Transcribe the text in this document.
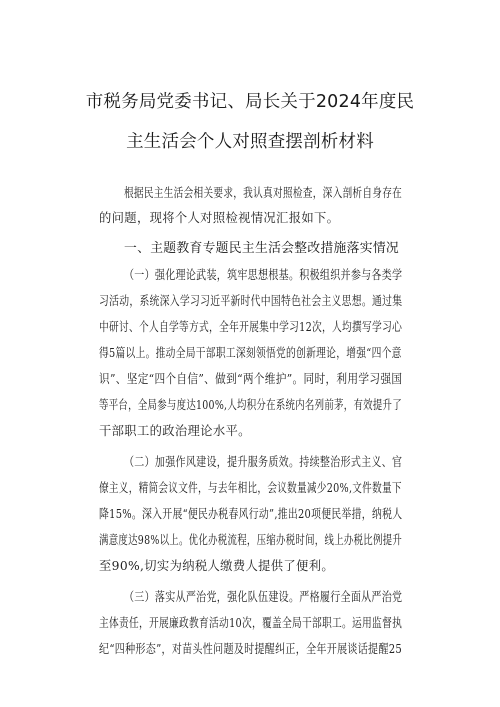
市税务局党委书记、局长关于2024年度民
主生活会个人对照查摆剖析材料
根据民主生活会相关要求，我认真对照检查，深入剖析自身存在
的问题，现将个人对照检视情况汇报如下。
一、主题教育专题民主生活会整改措施落实情况
（一）强化理论武装，筑牢思想根基。积极组织并参与各类学
习活动，系统深入学习习近平新时代中国特色社会主义思想。通过集
中研讨、个人自学等方式，全年开展集中学习12次，人均撰写学习心
得5篇以上。推动全局干部职工深刻领悟党的创新理论，增强“四个意
识”、坚定“四个自信”、做到“两个维护”。同时，利用学习强国
等平台，全局参与度达100%,人均积分在系统内名列前茅，有效提升了
干部职工的政治理论水平。
（二）加强作风建设，提升服务质效。持续整治形式主义、官
僚主义，精简会议文件，与去年相比，会议数量减少20%,文件数量下
降15%。深入开展“便民办税春风行动”,推出20项便民举措，纳税人
满意度达98%以上。优化办税流程，压缩办税时间，线上办税比例提升
至90%,切实为纳税人缴费人提供了便利。
（三）落实从严治党，强化队伍建设。严格履行全面从严治党
主体责任，开展廉政教育活动10次，覆盖全局干部职工。运用监督执
纪“四种形态”，对苗头性问题及时提醒纠正，全年开展谈话提醒25
